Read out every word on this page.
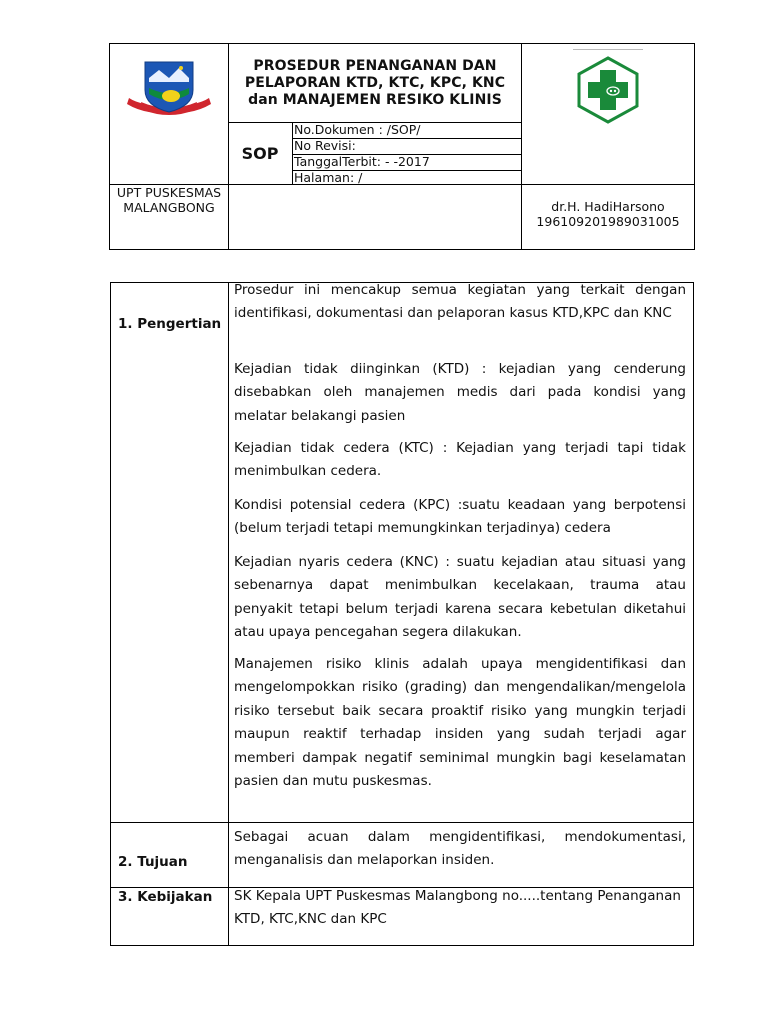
PROSEDUR PENANGANAN DAN PELAPORAN KTD, KTC, KPC, KNC dan MANAJEMEN RESIKO KLINIS
SOP
No.Dokumen : /SOP/
No Revisi:
TanggalTerbit: - -2017
Halaman: /
UPT PUSKESMAS MALANGBONG	dr.H. HadiHarsono
196109201989031005
1. Pengertian
2. Tujuan
3. Kebijakan

Prosedur ini mencakup semua kegiatan yang terkait dengan identifikasi, dokumentasi dan pelaporan kasus KTD,KPC dan KNC

Kejadian tidak diinginkan (KTD) : kejadian yang cenderung disebabkan oleh manajemen medis dari pada kondisi yang melatar belakangi pasien

Kejadian tidak cedera (KTC) : Kejadian yang terjadi tapi tidak menimbulkan cedera.

Kondisi potensial cedera (KPC) :suatu keadaan yang berpotensi (belum terjadi tetapi memungkinkan terjadinya) cedera

Kejadian nyaris cedera (KNC) : suatu kejadian atau situasi yang sebenarnya dapat menimbulkan kecelakaan, trauma atau penyakit tetapi belum terjadi karena secara kebetulan diketahui atau upaya pencegahan segera dilakukan.

Manajemen risiko klinis adalah upaya mengidentifikasi dan mengelompokkan risiko (grading) dan mengendalikan/mengelola risiko tersebut baik secara proaktif risiko yang mungkin terjadi maupun reaktif terhadap insiden yang sudah terjadi agar memberi dampak negatif seminimal mungkin bagi keselamatan pasien dan mutu puskesmas.

Sebagai acuan dalam mengidentifikasi, mendokumentasi, menganalisis dan melaporkan insiden.

SK Kepala UPT Puskesmas Malangbong no.....tentang Penanganan KTD, KTC,KNC dan KPC
